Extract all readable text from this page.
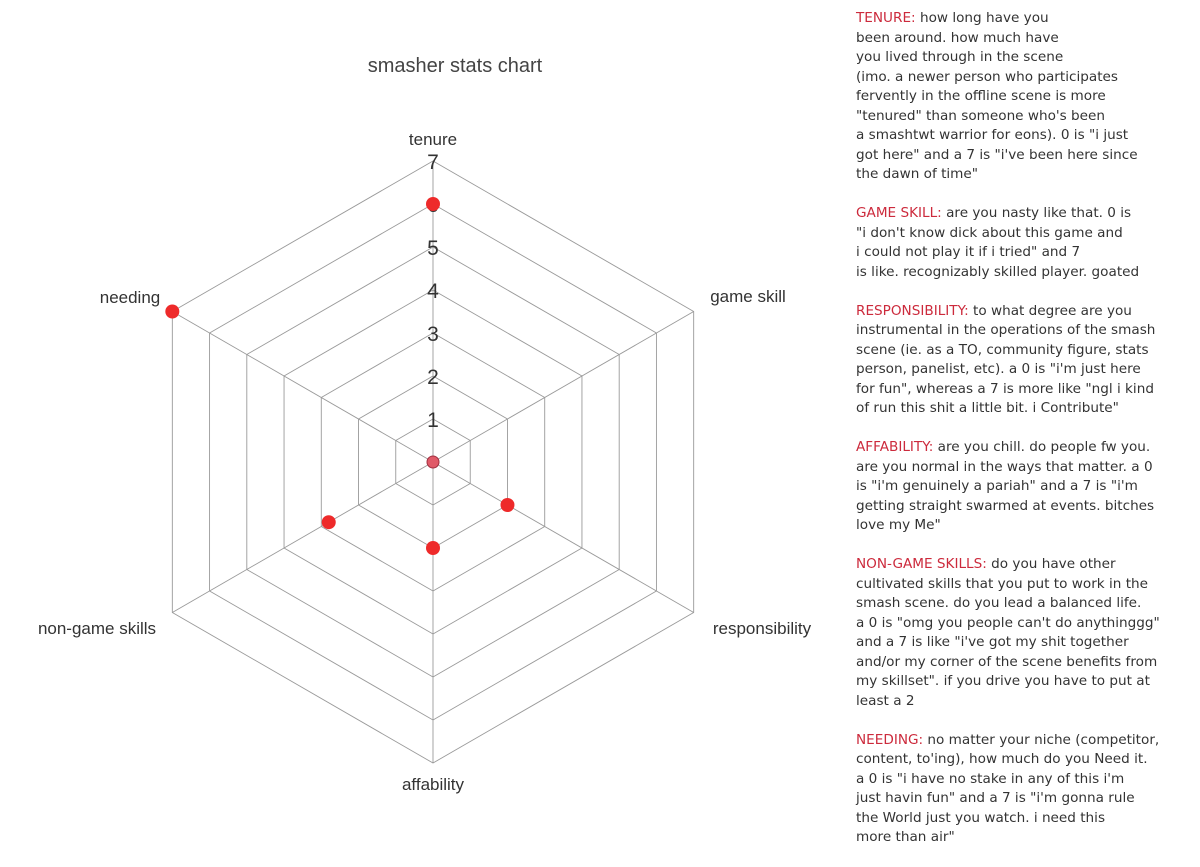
smasher stats chart
1
2
3
4
5
7
tenure
game skill
responsibility
affability
non-game skills
needing

TENURE: how long have you
been around. how much have
you lived through in the scene
(imo. a newer person who participates
fervently in the offline scene is more
"tenured" than someone who's been
a smashtwt warrior for eons). 0 is "i just
got here" and a 7 is "i've been here since
the dawn of time"

GAME SKILL: are you nasty like that. 0 is
"i don't know dick about this game and
i could not play it if i tried" and 7
is like. recognizably skilled player. goated

RESPONSIBILITY: to what degree are you
instrumental in the operations of the smash
scene (ie. as a TO, community figure, stats
person, panelist, etc). a 0 is "i'm just here
for fun", whereas a 7 is more like "ngl i kind
of run this shit a little bit. i Contribute"

AFFABILITY: are you chill. do people fw you.
are you normal in the ways that matter. a 0
is "i'm genuinely a pariah" and a 7 is "i'm
getting straight swarmed at events. bitches
love my Me"

NON-GAME SKILLS: do you have other
cultivated skills that you put to work in the
smash scene. do you lead a balanced life.
a 0 is "omg you people can't do anythinggg"
and a 7 is like "i've got my shit together
and/or my corner of the scene benefits from
my skillset". if you drive you have to put at
least a 2

NEEDING: no matter your niche (competitor,
content, to'ing), how much do you Need it.
a 0 is "i have no stake in any of this i'm
just havin fun" and a 7 is "i'm gonna rule
the World just you watch. i need this
more than air"
